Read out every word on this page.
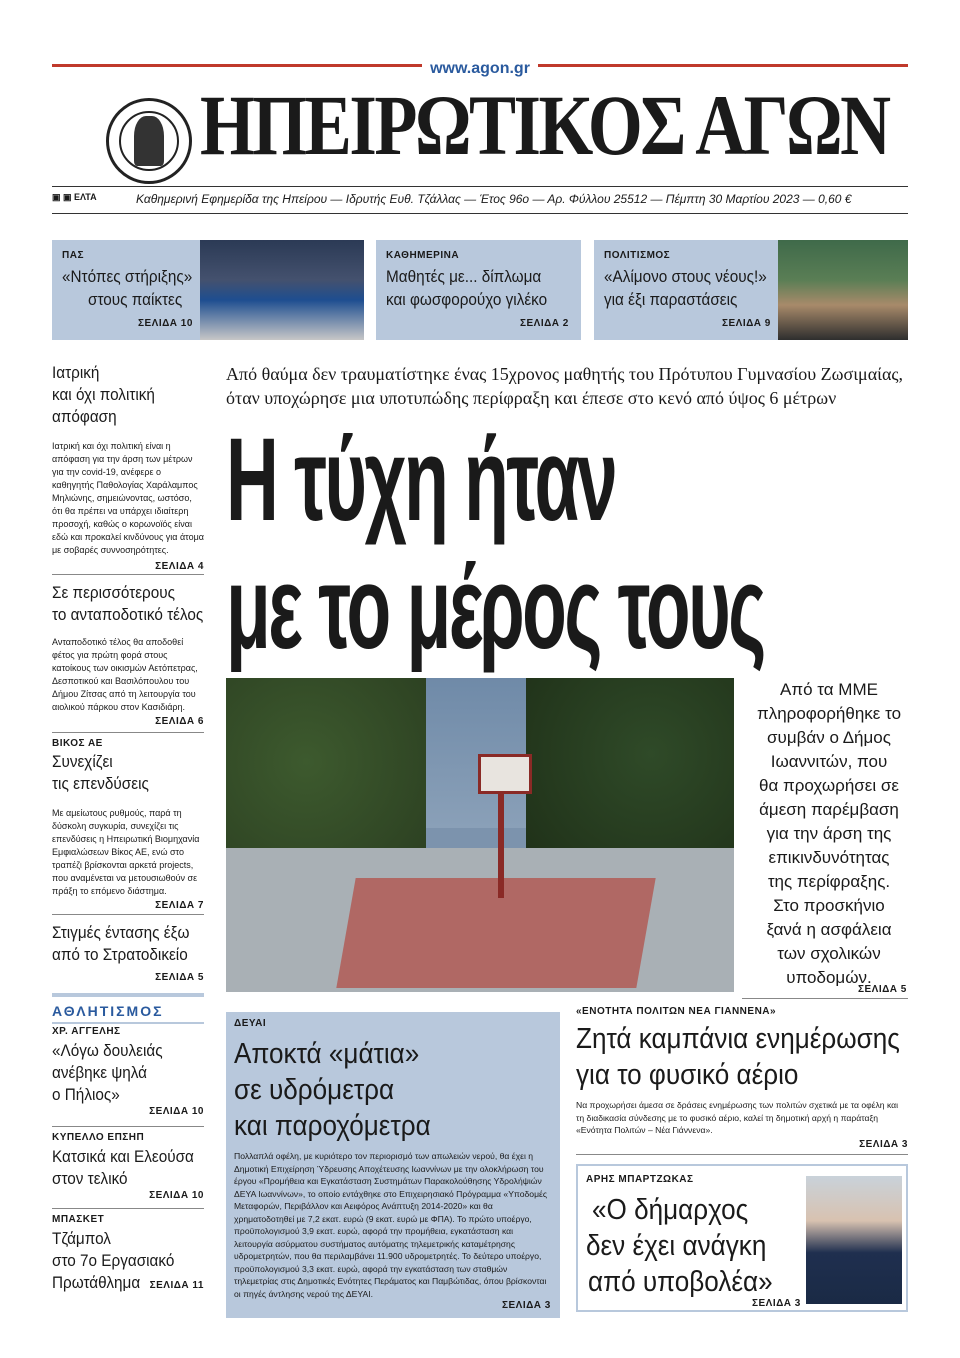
www.agon.gr
ΗΠΕΙΡΩΤΙΚΟΣ ΑΓΩΝ
▣ ▣ ΕΛΤΑ	Καθημερινή Εφημερίδα της Ηπείρου — Ιδρυτής Ευθ. Τζάλλας — Έτος 96ο — Αρ. Φύλλου 25512 — Πέμπτη 30 Μαρτίου 2023 — 0,60 €
ΠΑΣ
«Ντόπες στήριξης»
στους παίκτες
ΣΕΛΙΔΑ 10
ΚΑΘΗΜΕΡΙΝΑ
Μαθητές με... δίπλωμα
και φωσφορούχο γιλέκο
ΣΕΛΙΔΑ 2
ΠΟΛΙΤΙΣΜΟΣ
«Αλίμονο στους νέους!»
για έξι παραστάσεις
ΣΕΛΙΔΑ 9
Ιατρική
και όχι πολιτική
απόφαση
Ιατρική και όχι πολιτική είναι η απόφαση για την άρση των μέτρων για την covid-19, ανέφερε ο καθηγητής Παθολογίας Χαράλαμπος Μηλιώνης, σημειώνοντας, ωστόσο, ότι θα πρέπει να υπάρχει ιδιαίτερη προσοχή, καθώς ο κορωνοϊός είναι εδώ και προκαλεί κινδύνους για άτομα με σοβαρές συννοσηρότητες.
ΣΕΛΙΔΑ 4
Σε περισσότερους
το ανταποδοτικό τέλος
Ανταποδοτικό τέλος θα αποδοθεί φέτος για πρώτη φορά στους κατοίκους των οικισμών Αετόπετρας, Δεσποτικού και Βασιλόπουλου του Δήμου Ζίτσας από τη λειτουργία του αιολικού πάρκου στον Κασιδιάρη.
ΣΕΛΙΔΑ 6
ΒΙΚΟΣ ΑΕ
Συνεχίζει
τις επενδύσεις
Με αμείωτους ρυθμούς, παρά τη δύσκολη συγκυρία, συνεχίζει τις επενδύσεις η Ηπειρωτική Βιομηχανία Εμφιαλώσεων Βίκος ΑΕ, ενώ στο τραπέζι βρίσκονται αρκετά projects, που αναμένεται να μετουσιωθούν σε πράξη το επόμενο διάστημα.
ΣΕΛΙΔΑ 7
Στιγμές έντασης έξω
από το Στρατοδικείο
ΣΕΛΙΔΑ 5
ΑΘΛΗΤΙΣΜΟΣ
ΧΡ. ΑΓΓΕΛΗΣ
«Λόγω δουλειάς
ανέβηκε ψηλά
ο Πήλιος»
ΣΕΛΙΔΑ 10
ΚΥΠΕΛΛΟ ΕΠΣΗΠ
Κατσικά και Ελεούσα
στον τελικό
ΣΕΛΙΔΑ 10
ΜΠΑΣΚΕΤ
Τζάμπολ
στο 7ο Εργασιακό
Πρωτάθλημα ΣΕΛΙΔΑ 11
Από θαύμα δεν τραυματίστηκε ένας 15χρονος μαθητής του Πρότυπου Γυμνασίου Ζωσιμαίας,
όταν υποχώρησε μια υποτυπώδης περίφραξη και έπεσε στο κενό από ύψος 6 μέτρων
Η τύχη ήταν
με το μέρος τους
Από τα ΜΜΕ
πληροφορήθηκε το
συμβάν ο Δήμος
Ιωαννιτών, που
θα προχωρήσει σε
άμεση παρέμβαση
για την άρση της
επικινδυνότητας
της περίφραξης.
Στο προσκήνιο
ξανά η ασφάλεια
των σχολικών
υποδομών.
ΣΕΛΙΔΑ 5
ΔΕΥΑΙ
Αποκτά «μάτια»
σε υδρόμετρα
και παροχόμετρα
Πολλαπλά οφέλη, με κυριότερο τον περιορισμό των απωλειών νερού, θα έχει η Δημοτική Επιχείρηση Ύδρευσης Αποχέτευσης Ιωαννίνων με την ολοκλήρωση του έργου «Προμήθεια και Εγκατάσταση Συστημάτων Παρακολούθησης Υδρολήψιών ΔΕΥΑ Ιωαννίνων», το οποίο εντάχθηκε στο Επιχειρησιακό Πρόγραμμα «Υποδομές Μεταφορών, Περιβάλλον και Αειφόρος Ανάπτυξη 2014-2020» και θα χρηματοδοτηθεί με 7,2 εκατ. ευρώ (9 εκατ. ευρώ με ΦΠΑ). Το πρώτο υποέργο, προϋπολογισμού 3,9 εκατ. ευρώ, αφορά την προμήθεια, εγκατάσταση και λειτουργία ασύρματου συστήματος αυτόματης τηλεμετρικής καταμέτρησης υδρομετρητών, που θα περιλαμβάνει 11.900 υδρομετρητές. Το δεύτερο υποέργο, προϋπολογισμού 3,3 εκατ. ευρώ, αφορά την εγκατάσταση των σταθμών τηλεμετρίας στις Δημοτικές Ενότητες Περάματος και Παμβώτιδας, όπου βρίσκονται οι πηγές άντλησης νερού της ΔΕΥΑΙ.
ΣΕΛΙΔΑ 3
«ΕΝΟΤΗΤΑ ΠΟΛΙΤΩΝ ΝΕΑ ΓΙΑΝΝΕΝΑ»
Ζητά καμπάνια ενημέρωσης
για το φυσικό αέριο
Να προχωρήσει άμεσα σε δράσεις ενημέρωσης των πολιτών σχετικά με τα οφέλη και τη διαδικασία σύνδεσης με το φυσικό αέριο, καλεί τη δημοτική αρχή η παράταξη «Ενότητα Πολιτών – Νέα Γιάννενα».
ΣΕΛΙΔΑ 3
ΑΡΗΣ ΜΠΑΡΤΖΩΚΑΣ
«Ο δήμαρχος
δεν έχει ανάγκη
από υποβολέα»
ΣΕΛΙΔΑ 3
